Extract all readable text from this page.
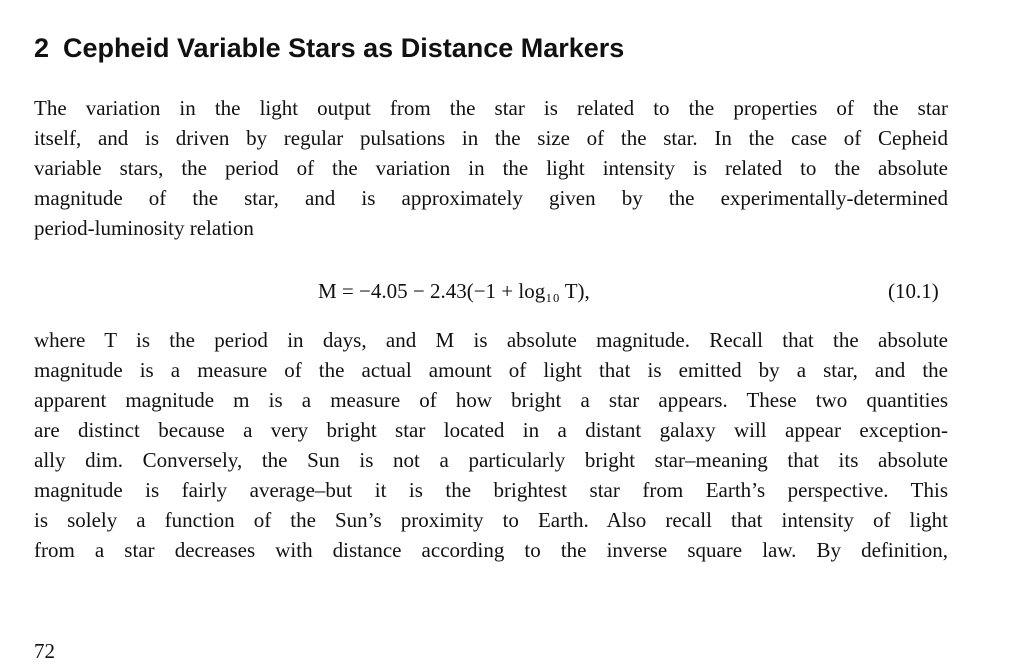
2 Cepheid Variable Stars as Distance Markers

The variation in the light output from the star is related to the properties of the star
itself, and is driven by regular pulsations in the size of the star. In the case of Cepheid
variable stars, the period of the variation in the light intensity is related to the absolute
magnitude of the star, and is approximately given by the experimentally-determined
period-luminosity relation

M = −4.05 − 2.43(−1 + log₁₀ T),	(10.1)

where T is the period in days, and M is absolute magnitude. Recall that the absolute
magnitude is a measure of the actual amount of light that is emitted by a star, and the
apparent magnitude m is a measure of how bright a star appears. These two quantities
are distinct because a very bright star located in a distant galaxy will appear exception-
ally dim. Conversely, the Sun is not a particularly bright star–meaning that its absolute
magnitude is fairly average–but it is the brightest star from Earth’s perspective. This
is solely a function of the Sun’s proximity to Earth. Also recall that intensity of light
from a star decreases with distance according to the inverse square law. By definition,

72
